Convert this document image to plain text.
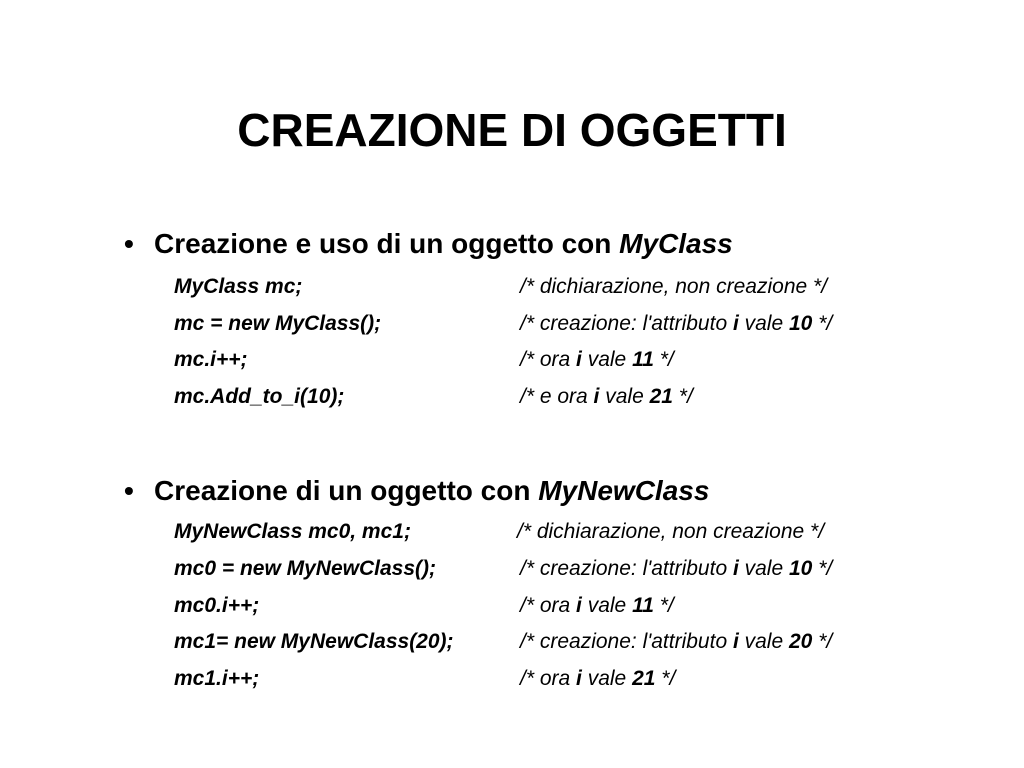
CREAZIONE DI OGGETTI
• Creazione e uso di un oggetto con MyClass
MyClass mc;	/* dichiarazione, non creazione */
mc = new MyClass();	/* creazione: l'attributo i vale 10 */
mc.i++;	/* ora i vale 11 */
mc.Add_to_i(10);	/* e ora i vale 21 */
• Creazione di un oggetto con MyNewClass
MyNewClass mc0, mc1;	/* dichiarazione, non creazione */
mc0 = new MyNewClass();	/* creazione: l'attributo i vale 10 */
mc0.i++;	/* ora i vale 11 */
mc1= new MyNewClass(20);	/* creazione: l'attributo i vale 20 */
mc1.i++;	/* ora i vale 21 */
